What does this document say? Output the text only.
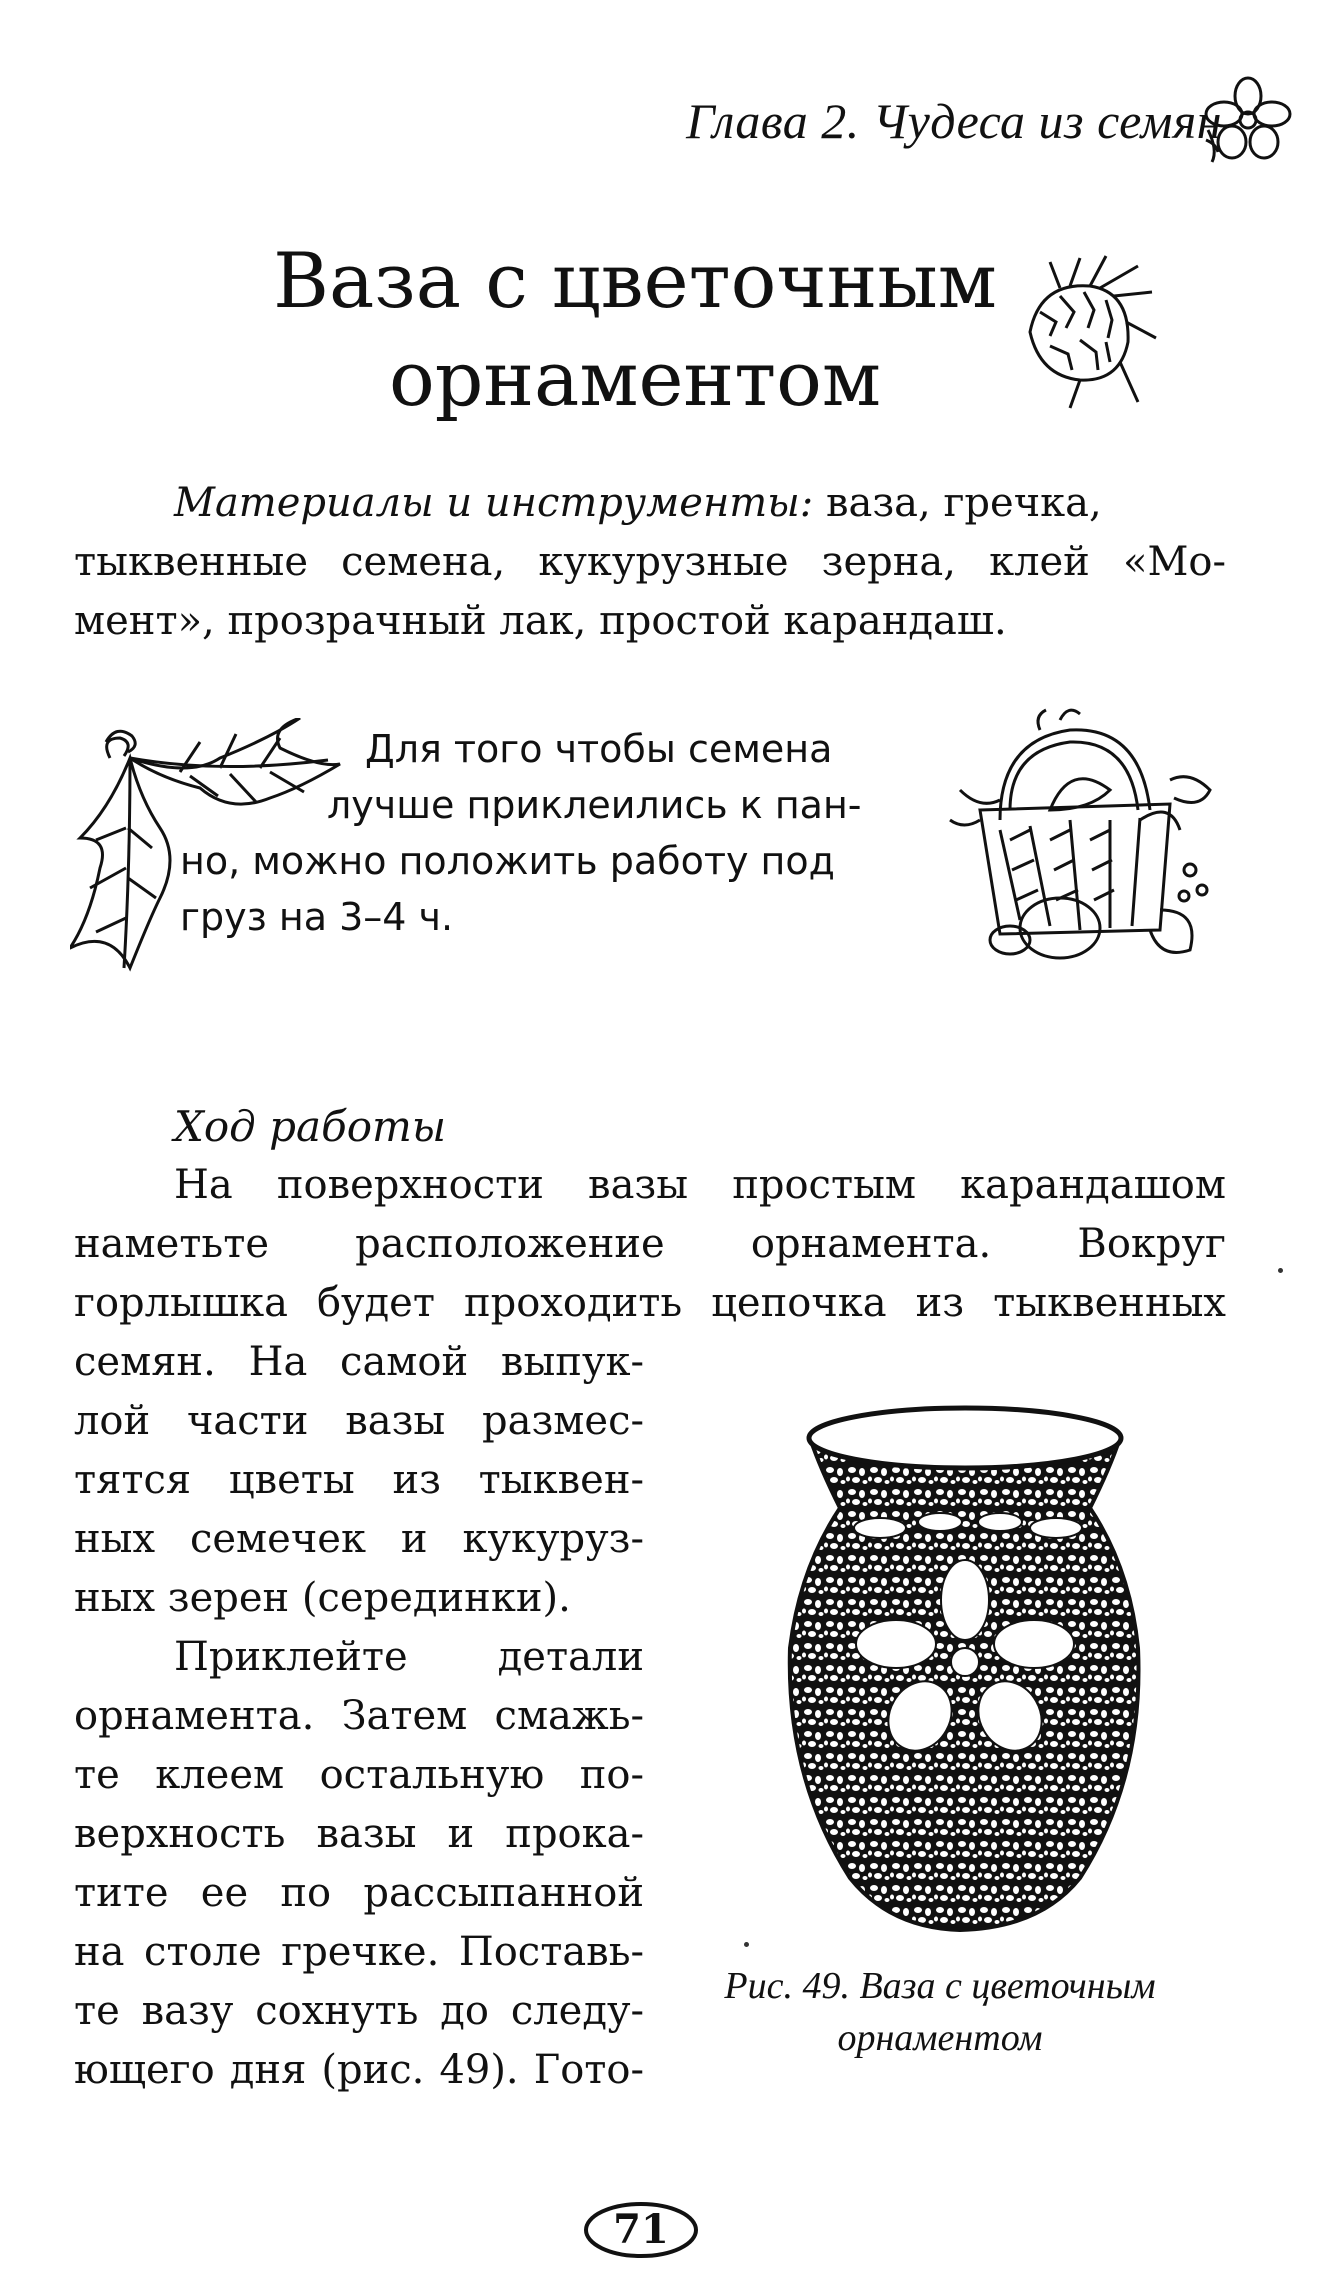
Глава 2. Чудеса из семян
Ваза с цветочным
орнаментом
Материалы и инструменты: ваза, гречка,
тыквенные семена, кукурузные зерна, клей «Мо-
мент», прозрачный лак, простой карандаш.
Для того чтобы семена
лучше приклеились к пан-
но, можно положить работу под
груз на 3–4 ч.
Ход работы
На поверхности вазы простым карандашом
наметьте расположение орнамента. Вокруг
горлышка будет проходить цепочка из тыквенных
семян. На самой выпук-
лой части вазы размес-
тятся цветы из тыквен-
ных семечек и кукуруз-
ных зерен (серединки).
Приклейте детали
орнамента. Затем смажь-
те клеем остальную по-
верхность вазы и прока-
тите ее по рассыпанной
на столе гречке. Поставь-
те вазу сохнуть до следу-
ющего дня (рис. 49). Гото-
Рис. 49. Ваза с цветочным
орнаментом
71
